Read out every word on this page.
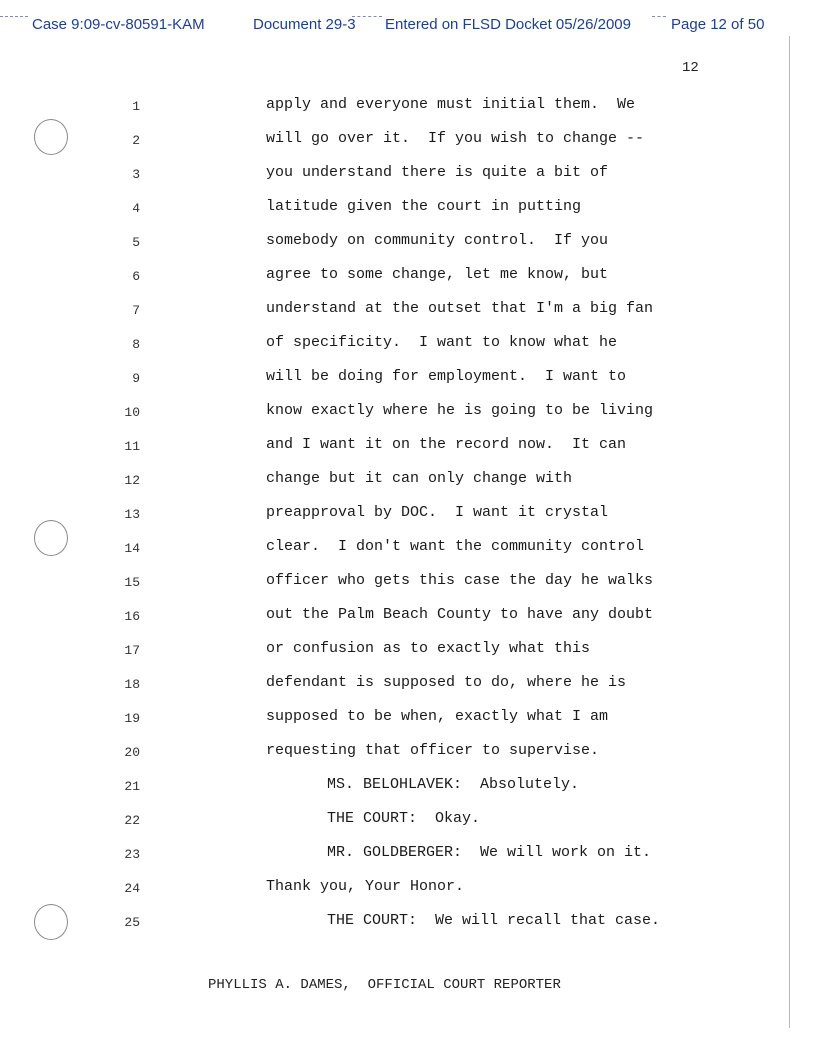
Case 9:09-cv-80591-KAM	Document 29-3 Entered on FLSD Docket 05/26/2009	Page 12 of 50
12
1	apply and everyone must initial them.  We
2	will go over it.  If you wish to change --
3	you understand there is quite a bit of
4	latitude given the court in putting
5	somebody on community control.  If you
6	agree to some change, let me know, but
7	understand at the outset that I'm a big fan
8	of specificity.  I want to know what he
9	will be doing for employment.  I want to
10	know exactly where he is going to be living
11	and I want it on the record now.  It can
12	change but it can only change with
13	preapproval by DOC.  I want it crystal
14	clear.  I don't want the community control
15	officer who gets this case the day he walks
16	out the Palm Beach County to have any doubt
17	or confusion as to exactly what this
18	defendant is supposed to do, where he is
19	supposed to be when, exactly what I am
20	requesting that officer to supervise.
21	MS. BELOHLAVEK:  Absolutely.
22	THE COURT:  Okay.
23	MR. GOLDBERGER:  We will work on it.
24	Thank you, Your Honor.
25	THE COURT:  We will recall that case.
PHYLLIS A. DAMES,  OFFICIAL COURT REPORTER
